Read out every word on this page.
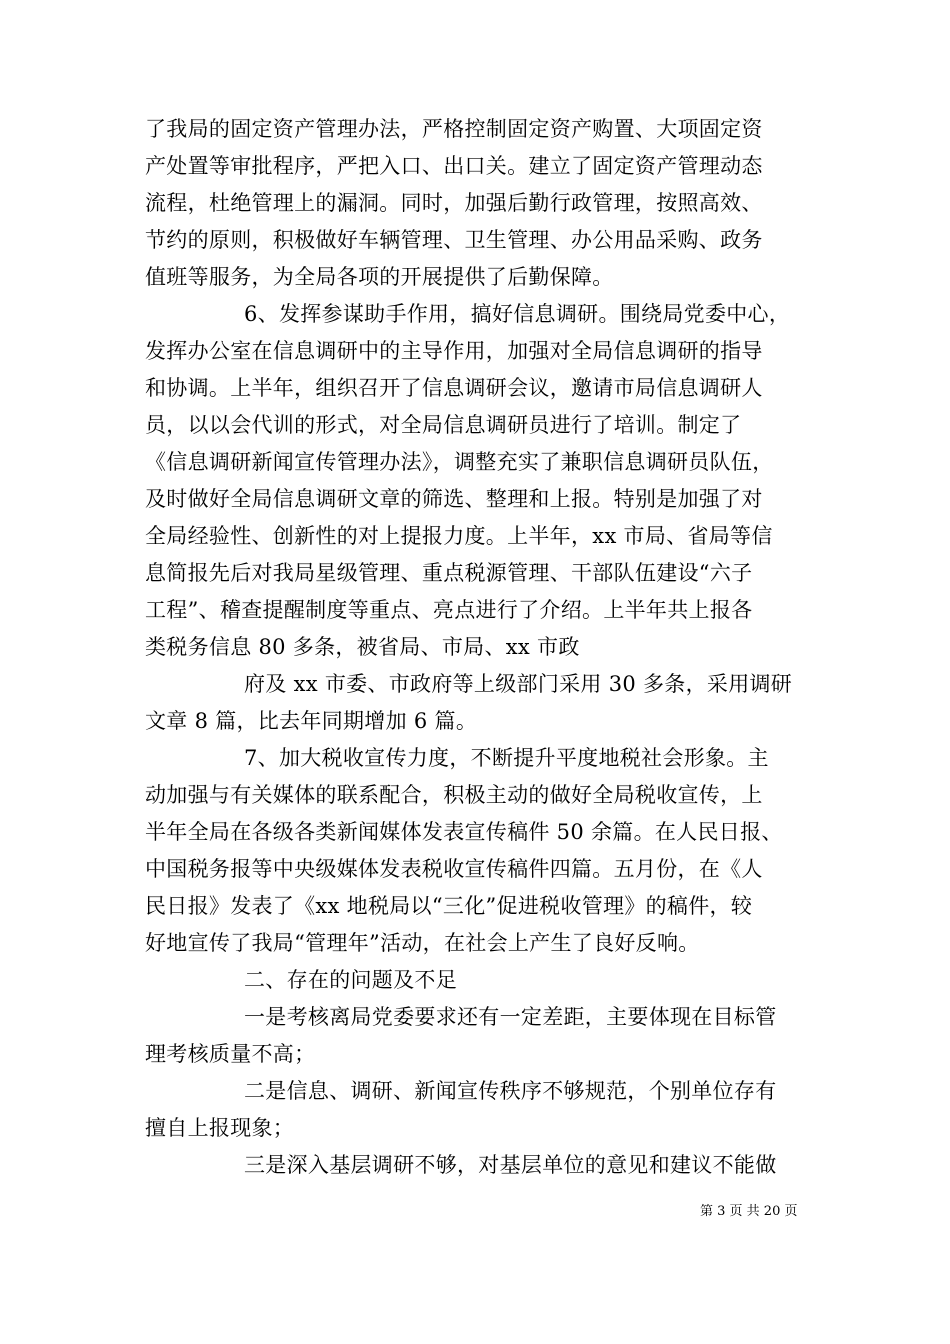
了我局的固定资产管理办法，严格控制固定资产购置、大项固定资
产处置等审批程序，严把入口、出口关。建立了固定资产管理动态
流程，杜绝管理上的漏洞。同时，加强后勤行政管理，按照高效、
节约的原则，积极做好车辆管理、卫生管理、办公用品采购、政务
值班等服务，为全局各项的开展提供了后勤保障。
6、发挥参谋助手作用，搞好信息调研。围绕局党委中心，
发挥办公室在信息调研中的主导作用，加强对全局信息调研的指导
和协调。上半年，组织召开了信息调研会议，邀请市局信息调研人
员，以以会代训的形式，对全局信息调研员进行了培训。制定了
《信息调研新闻宣传管理办法》，调整充实了兼职信息调研员队伍，
及时做好全局信息调研文章的筛选、整理和上报。特别是加强了对
全局经验性、创新性的对上提报力度。上半年，xx 市局、省局等信
息简报先后对我局星级管理、重点税源管理、干部队伍建设“六子
工程”、稽查提醒制度等重点、亮点进行了介绍。上半年共上报各
类税务信息 80 多条，被省局、市局、xx 市政
府及 xx 市委、市政府等上级部门采用 30 多条，采用调研
文章 8 篇，比去年同期增加 6 篇。
7、加大税收宣传力度，不断提升平度地税社会形象。主
动加强与有关媒体的联系配合，积极主动的做好全局税收宣传，上
半年全局在各级各类新闻媒体发表宣传稿件 50 余篇。在人民日报、
中国税务报等中央级媒体发表税收宣传稿件四篇。五月份，在《人
民日报》发表了《xx 地税局以“三化”促进税收管理》的稿件，较
好地宣传了我局“管理年”活动，在社会上产生了良好反响。
二、存在的问题及不足
一是考核离局党委要求还有一定差距，主要体现在目标管
理考核质量不高；
二是信息、调研、新闻宣传秩序不够规范，个别单位存有
擅自上报现象；
三是深入基层调研不够，对基层单位的意见和建议不能做
第 3 页 共 20 页
